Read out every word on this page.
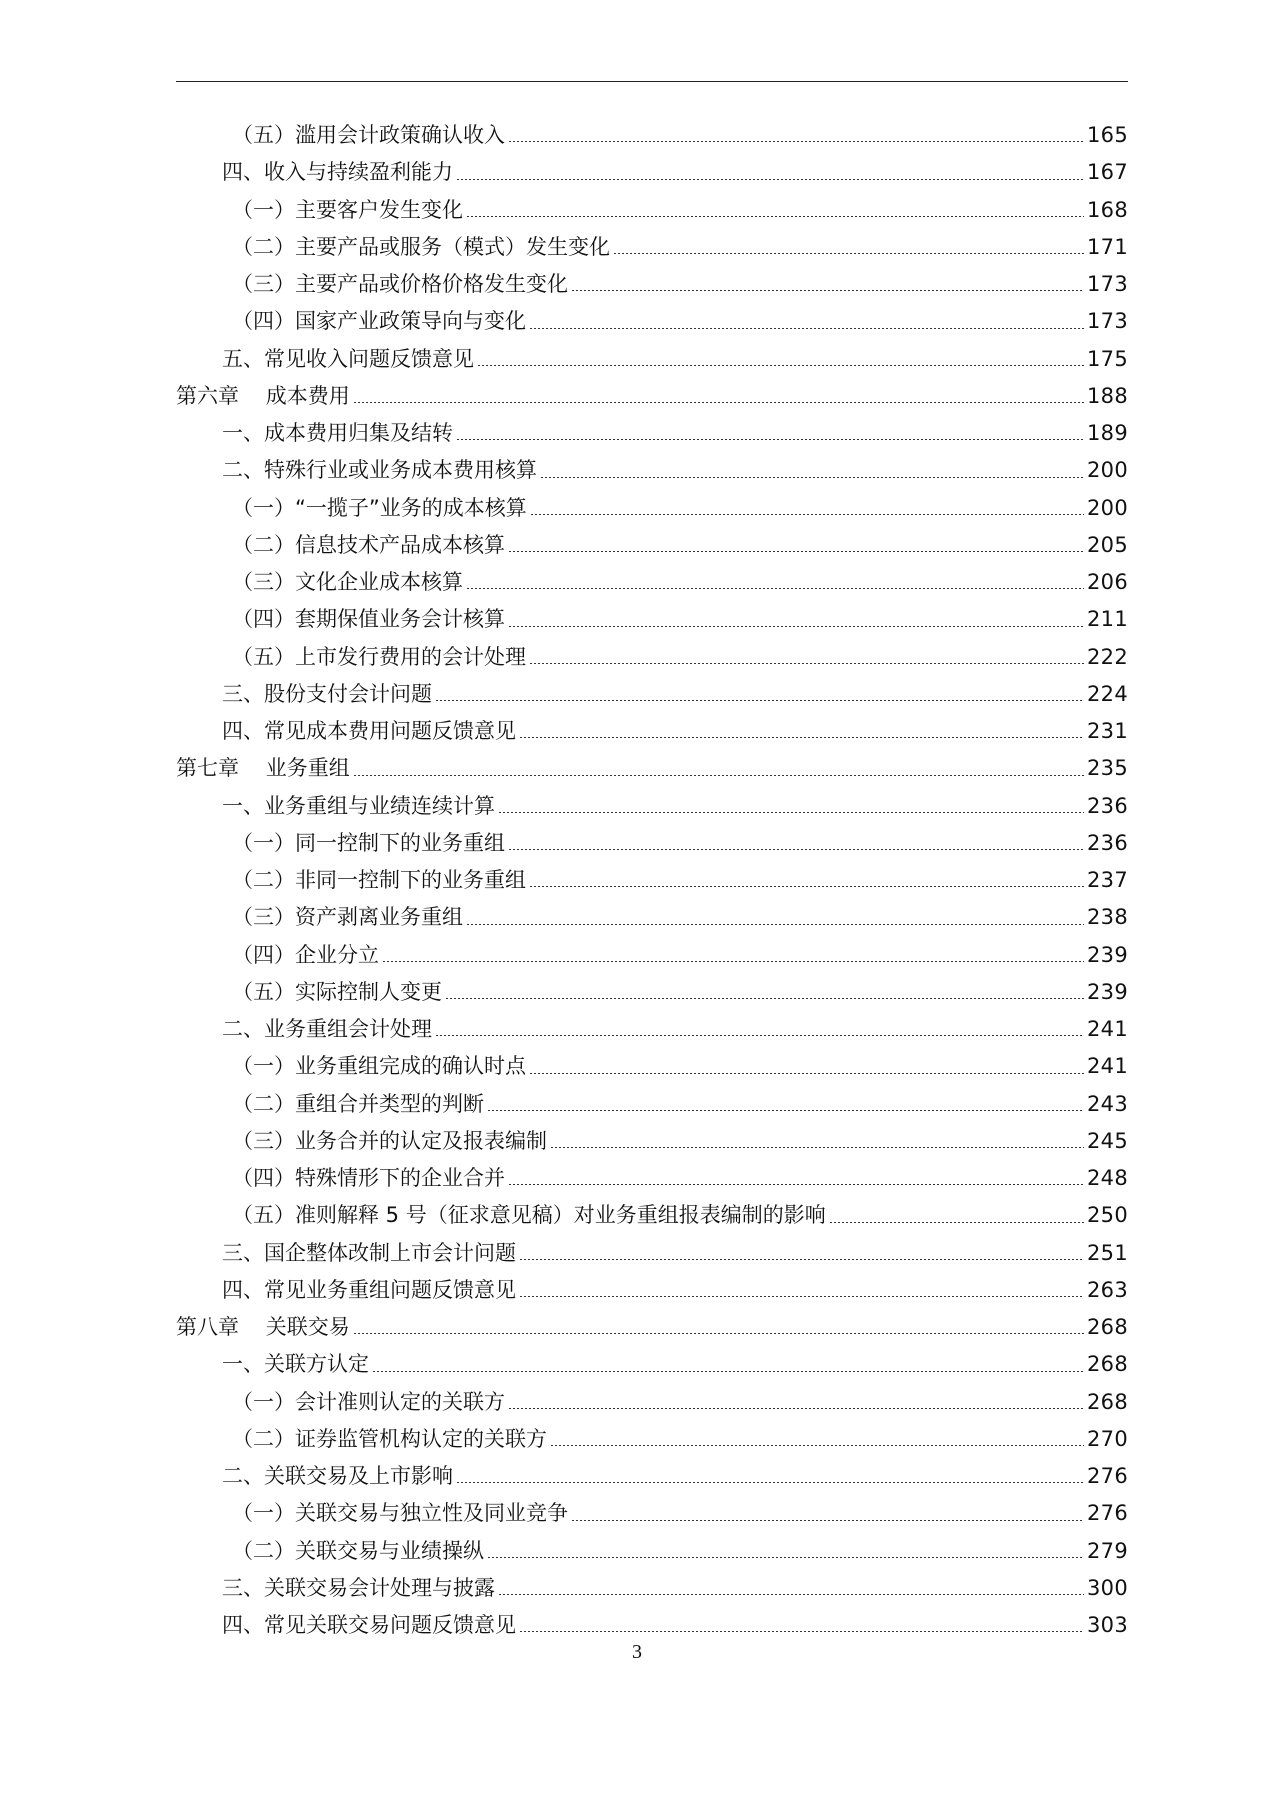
（五）滥用会计政策确认收入	165
四、收入与持续盈利能力	167
（一）主要客户发生变化	168
（二）主要产品或服务（模式）发生变化	171
（三）主要产品或价格价格发生变化	173
（四）国家产业政策导向与变化	173
五、常见收入问题反馈意见	175
第六章    成本费用	188
一、成本费用归集及结转	189
二、特殊行业或业务成本费用核算	200
（一）“一揽子”业务的成本核算	200
（二）信息技术产品成本核算	205
（三）文化企业成本核算	206
（四）套期保值业务会计核算	211
（五）上市发行费用的会计处理	222
三、股份支付会计问题	224
四、常见成本费用问题反馈意见	231
第七章    业务重组	235
一、业务重组与业绩连续计算	236
（一）同一控制下的业务重组	236
（二）非同一控制下的业务重组	237
（三）资产剥离业务重组	238
（四）企业分立	239
（五）实际控制人变更	239
二、业务重组会计处理	241
（一）业务重组完成的确认时点	241
（二）重组合并类型的判断	243
（三）业务合并的认定及报表编制	245
（四）特殊情形下的企业合并	248
（五）准则解释 5 号（征求意见稿）对业务重组报表编制的影响	250
三、国企整体改制上市会计问题	251
四、常见业务重组问题反馈意见	263
第八章    关联交易	268
一、关联方认定	268
（一）会计准则认定的关联方	268
（二）证券监管机构认定的关联方	270
二、关联交易及上市影响	276
（一）关联交易与独立性及同业竞争	276
（二）关联交易与业绩操纵	279
三、关联交易会计处理与披露	300
四、常见关联交易问题反馈意见	303
3
